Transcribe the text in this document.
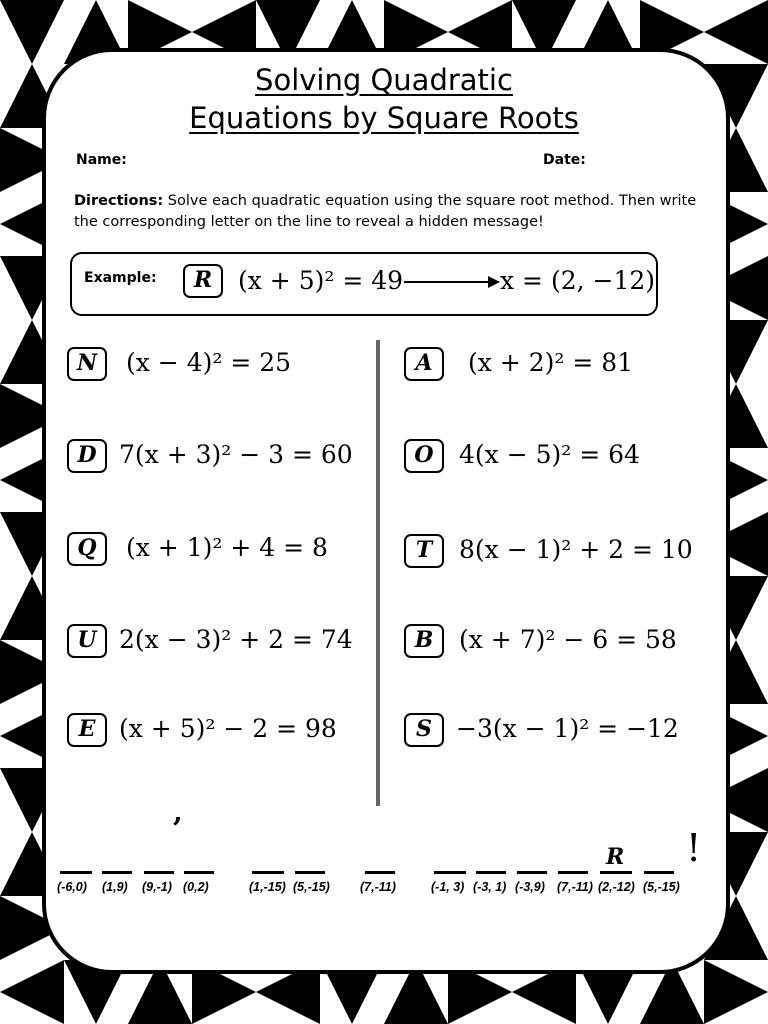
Solving Quadratic
Equations by Square Roots
Name:	Date:
Directions: Solve each quadratic equation using the square root method. Then write the corresponding letter on the line to reveal a hidden message!
Example:	R	(x + 5)² = 49	x = (2, −12)
N	(x − 4)² = 25
D 7(x + 3)² − 3 = 60
Q	(x + 1)² + 4 = 8
U 2(x − 3)² + 2 = 74
E (x + 5)² − 2 = 98
A	(x + 2)² = 81
O	4(x − 5)² = 64
T	8(x − 1)² + 2 = 10
B	(x + 7)² − 6 = 58
S −3(x − 1)² = −12
’	!
R
(-6,0) (1,9) (9,-1) (0,2)	(1,-15) (5,-15) (7,-11)	(-1, 3) (-3, 1) (-3,9) (7,-11) (2,-12) (5,-15)
